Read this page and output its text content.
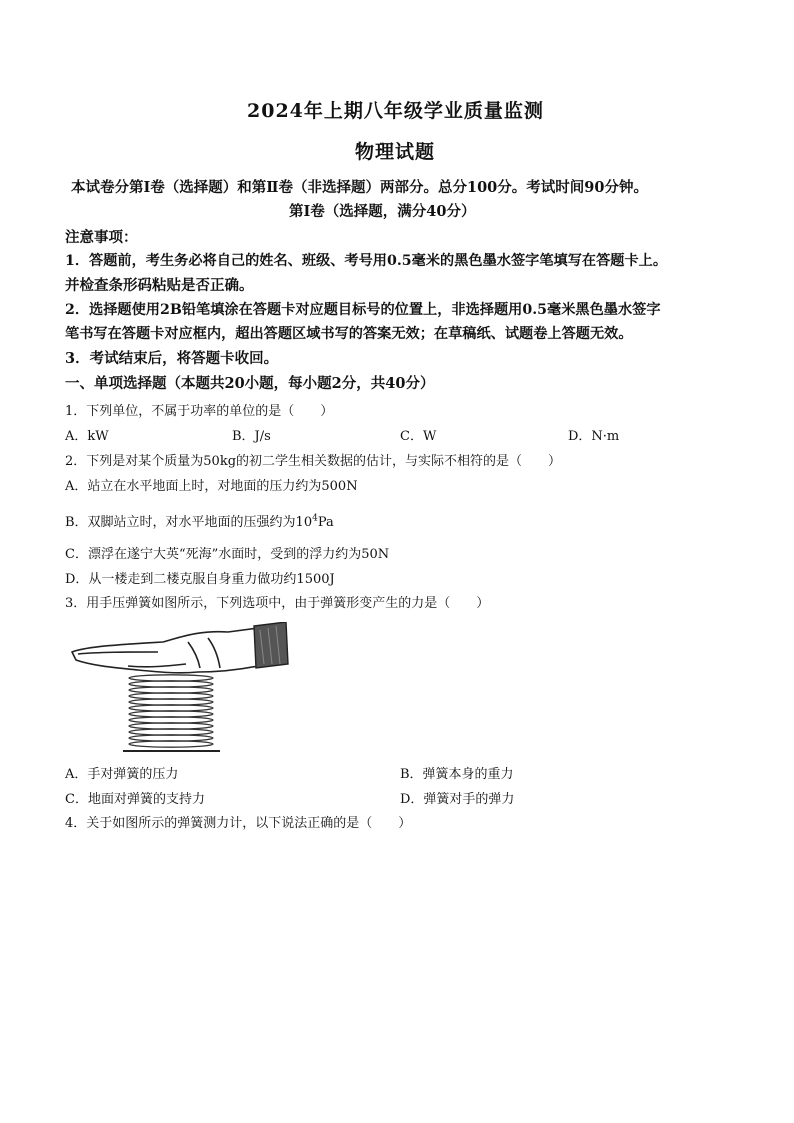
2024年上期八年级学业质量监测
物理试题
本试卷分第Ⅰ卷（选择题）和第Ⅱ卷（非选择题）两部分。总分100分。考试时间90分钟。
第Ⅰ卷（选择题，满分40分）
注意事项：
1．答题前，考生务必将自己的姓名、班级、考号用0.5毫米的黑色墨水签字笔填写在答题卡上。
并检查条形码粘贴是否正确。
2．选择题使用2B铅笔填涂在答题卡对应题目标号的位置上，非选择题用0.5毫米黑色墨水签字
笔书写在答题卡对应框内，超出答题区域书写的答案无效；在草稿纸、试题卷上答题无效。
3．考试结束后，将答题卡收回。
一、单项选择题（本题共20小题，每小题2分，共40分）
1．下列单位，不属于功率的单位的是（　　）
A．kW	B．J/s	C．W	D．N·m
2．下列是对某个质量为50kg的初二学生相关数据的估计，与实际不相符的是（　　）
A．站立在水平地面上时，对地面的压力约为500N
B．双脚站立时，对水平地面的压强约为$10^4Pa$
C．漂浮在遂宁大英“死海”水面时，受到的浮力约为50N
D．从一楼走到二楼克服自身重力做功约1500J
3．用手压弹簧如图所示，下列选项中，由于弹簧形变产生的力是（　　）
A．手对弹簧的压力	B．弹簧本身的重力
C．地面对弹簧的支持力	D．弹簧对手的弹力
4．关于如图所示的弹簧测力计，以下说法正确的是（　　）
